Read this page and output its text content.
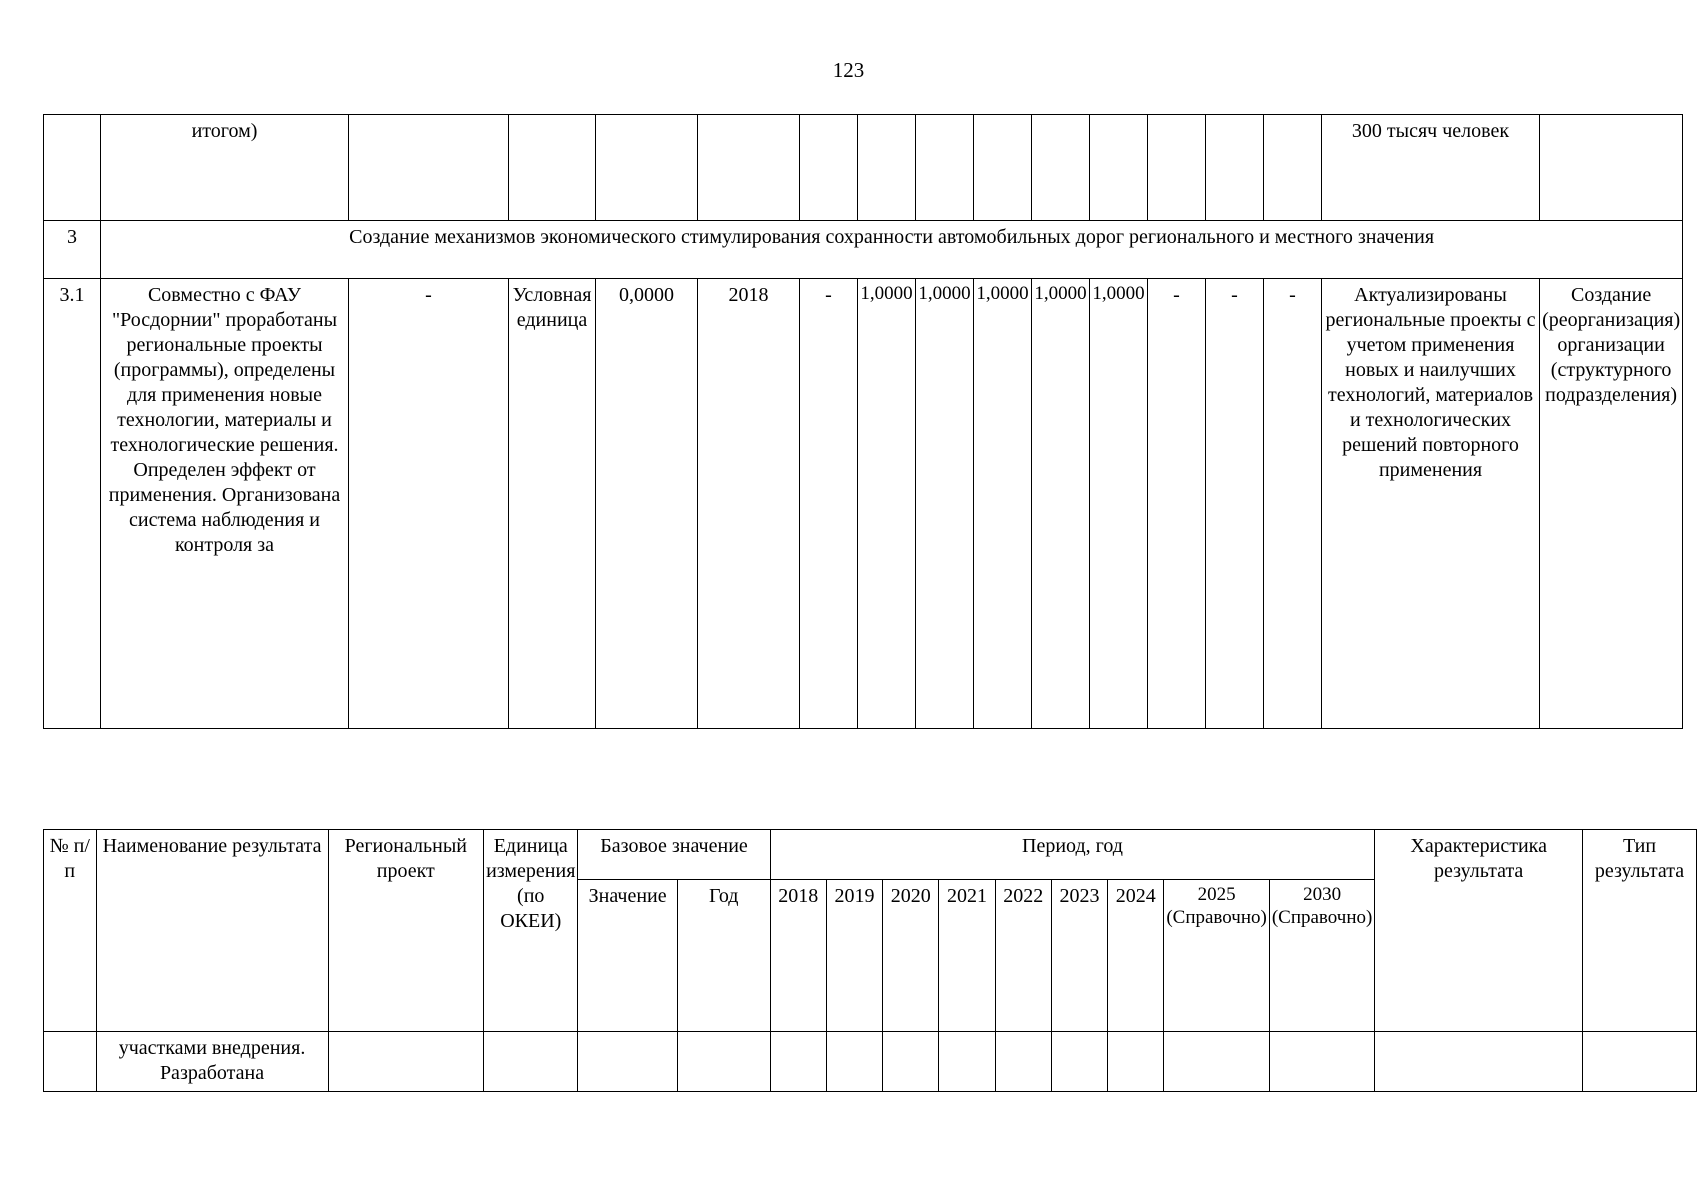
123
	итогом)														300 тысяч человек	
3	Создание механизмов экономического стимулирования сохранности автомобильных дорог регионального и местного значения															
3.1	Совместно с ФАУ "Росдорнии" проработаны региональные проекты (программы), определены для применения новые технологии, материалы и технологические решения. Определен эффект от применения. Организована система наблюдения и контроля за	-	Условная единица	0,0000	2018	-	1,0000	1,0000	1,0000	1,0000	1,0000	-	-	-	Актуализированы региональные проекты с учетом применения новых и наилучших технологий, материалов и технологических решений повторного применения	Создание (реорганизация) организации (структурного подразделения)
№ п/п	Наименование результата	Региональный проект	Единица измерения (по ОКЕИ)	Базовое значение		Период, год									Характеристика результата	Тип результата
				Значение	Год	2018	2019	2020	2021	2022	2023	2024	2025 (Справочно)	2030 (Справочно)		
	участками внедрения. Разработана															
